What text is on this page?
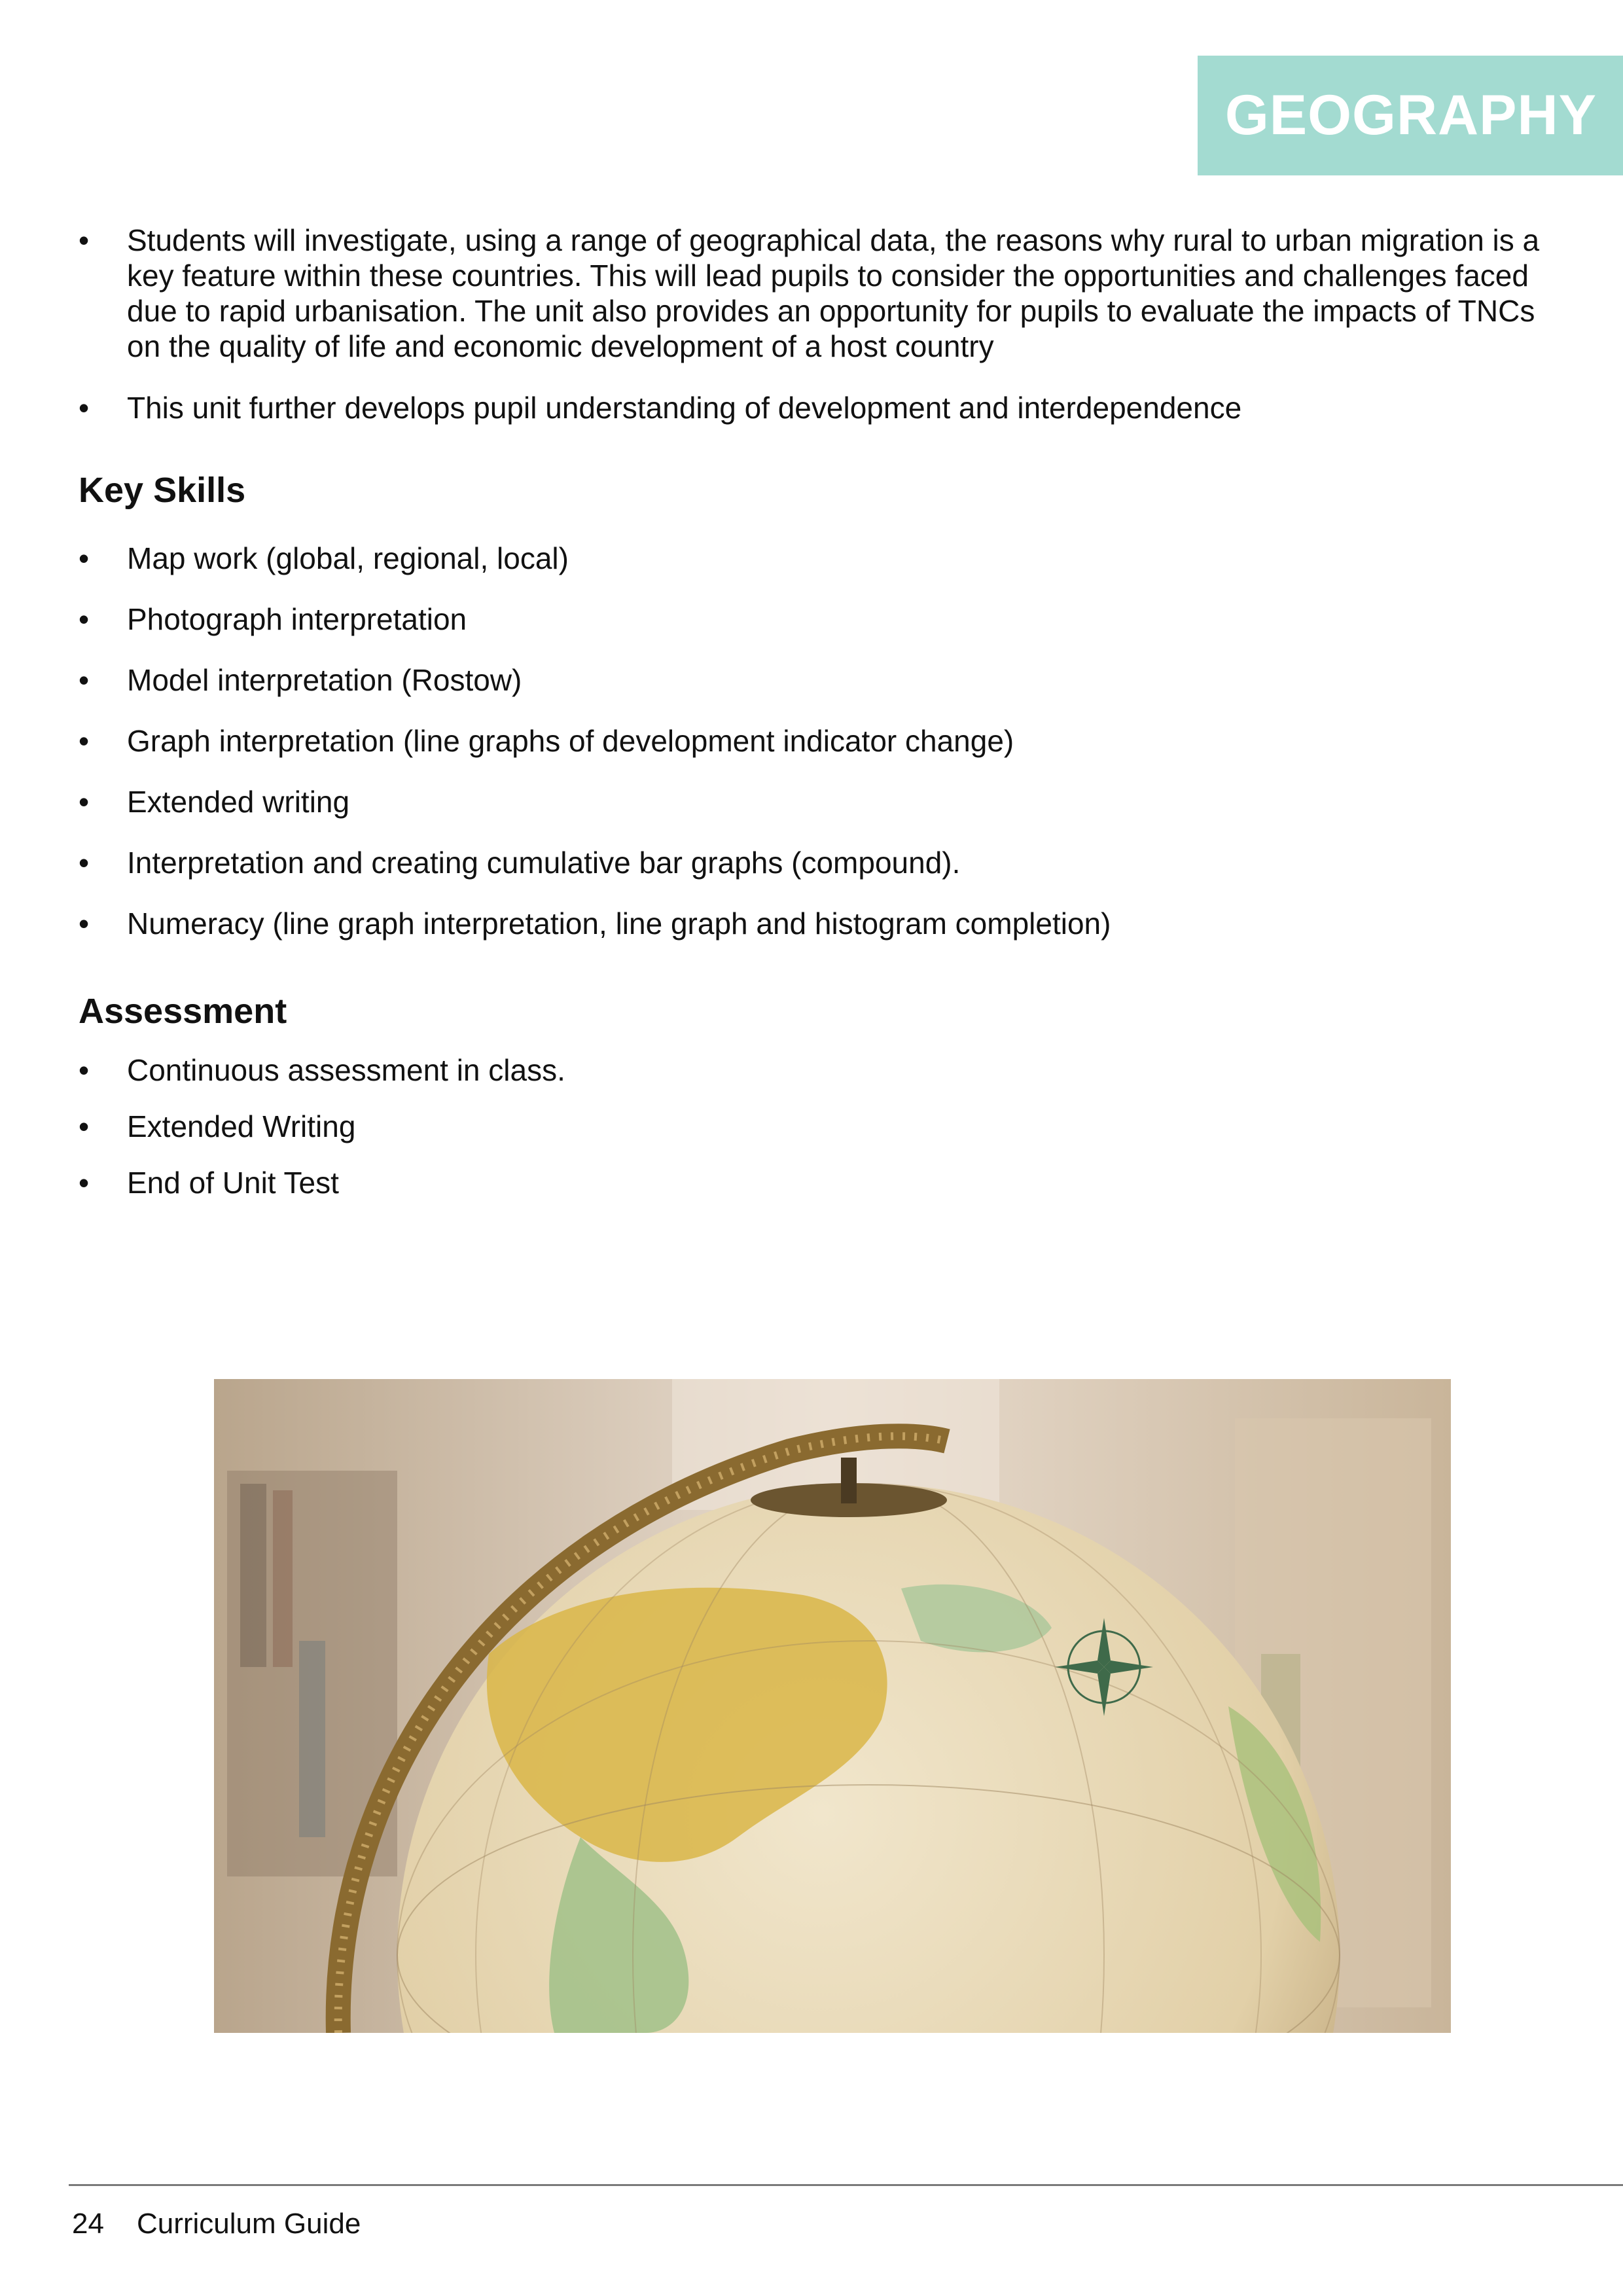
GEOGRAPHY
• Students will investigate, using a range of geographical data, the reasons why rural to urban migration is a key feature within these countries. This will lead pupils to consider the opportunities and challenges faced due to rapid urbanisation. The unit also provides an opportunity for pupils to evaluate the impacts of TNCs on the quality of life and economic development of a host country
• This unit further develops pupil understanding of development and interdependence
Key Skills
• Map work (global, regional, local)
• Photograph interpretation
• Model interpretation (Rostow)
• Graph interpretation (line graphs of development indicator change)
• Extended writing
• Interpretation and creating cumulative bar graphs (compound).
• Numeracy (line graph interpretation, line graph and histogram completion)
Assessment
• Continuous assessment in class.
• Extended Writing
• End of Unit Test
24 Curriculum Guide
